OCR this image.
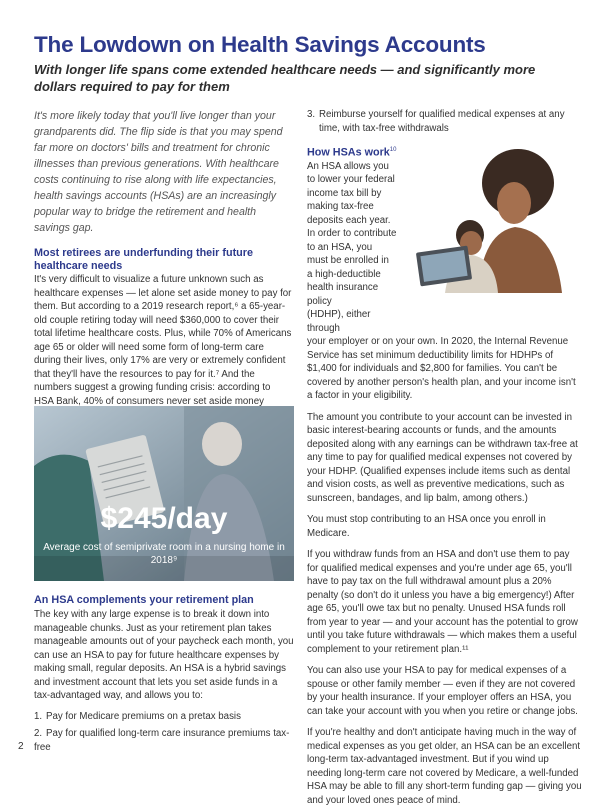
The Lowdown on Health Savings Accounts
With longer life spans come extended healthcare needs — and significantly more dollars required to pay for them

It's more likely today that you'll live longer than your grandparents did. The flip side is that you may spend far more on doctors' bills and treatment for chronic illnesses than previous generations. With healthcare costs continuing to rise along with life expectancies, health savings accounts (HSAs) are an increasingly popular way to bridge the retirement and health savings gap.

Most retirees are underfunding their future healthcare needs

It's very difficult to visualize a future unknown such as healthcare expenses — let alone set aside money to pay for them. But according to a 2019 research report,⁶ a 65-year-old couple retiring today will need $360,000 to cover their total lifetime healthcare costs. Plus, while 70% of Americans age 65 or older will need some form of long-term care during their lives, only 17% are very or extremely confident that they'll have the resources to pay for it.⁷ And the numbers suggest a growing funding crisis: according to HSA Bank, 40% of consumers never set aside money

$245/day
Average cost of semiprivate room in a nursing home in 2018⁹
An HSA complements your retirement plan

The key with any large expense is to break it down into manageable chunks. Just as your retirement plan takes manageable amounts out of your paycheck each month, you can use an HSA to pay for future healthcare expenses by making small, regular deposits. An HSA is a hybrid savings and investment account that lets you set aside funds in a tax-advantaged way, and allows you to:

1. Pay for Medicare premiums on a pretax basis
2. Pay for qualified long-term care insurance premiums tax-free
3. Reimburse yourself for qualified medical expenses at any time, with tax-free withdrawals
How HSAs work$^{10}$
An HSA allows you
to lower your federal
income tax bill by
making tax-free
deposits each year.
In order to contribute
to an HSA, you
must be enrolled in
a high-deductible
health insurance policy
(HDHP), either through

your employer or on your own. In 2020, the Internal Revenue Service has set minimum deductibility limits for HDHPs of $1,400 for individuals and $2,800 for families. You can't be covered by another person's health plan, and your income isn't a factor in your eligibility.

The amount you contribute to your account can be invested in basic interest-bearing accounts or funds, and the amounts deposited along with any earnings can be withdrawn tax-free at any time to pay for qualified medical expenses not covered by your HDHP. (Qualified expenses include items such as dental and vision costs, as well as preventive medications, such as sunscreen, bandages, and lip balm, among others.)

You must stop contributing to an HSA once you enroll in Medicare.

If you withdraw funds from an HSA and don't use them to pay for qualified medical expenses and you're under age 65, you'll have to pay tax on the full withdrawal amount plus a 20% penalty (so don't do it unless you have a big emergency!) After age 65, you'll owe tax but no penalty. Unused HSA funds roll from year to year — and your account has the potential to grow until you take future withdrawals — which makes them a useful complement to your retirement plan.¹¹

You can also use your HSA to pay for medical expenses of a spouse or other family member — even if they are not covered by your health insurance. If your employer offers an HSA, you can take your account with you when you retire or change jobs.

If you're healthy and don't anticipate having much in the way of medical expenses as you get older, an HSA can be an excellent long-term tax-advantaged investment. But if you wind up needing long-term care not covered by Medicare, a well-funded HSA may be able to fill any short-term funding gap — giving you and your loved ones peace of mind.

2
